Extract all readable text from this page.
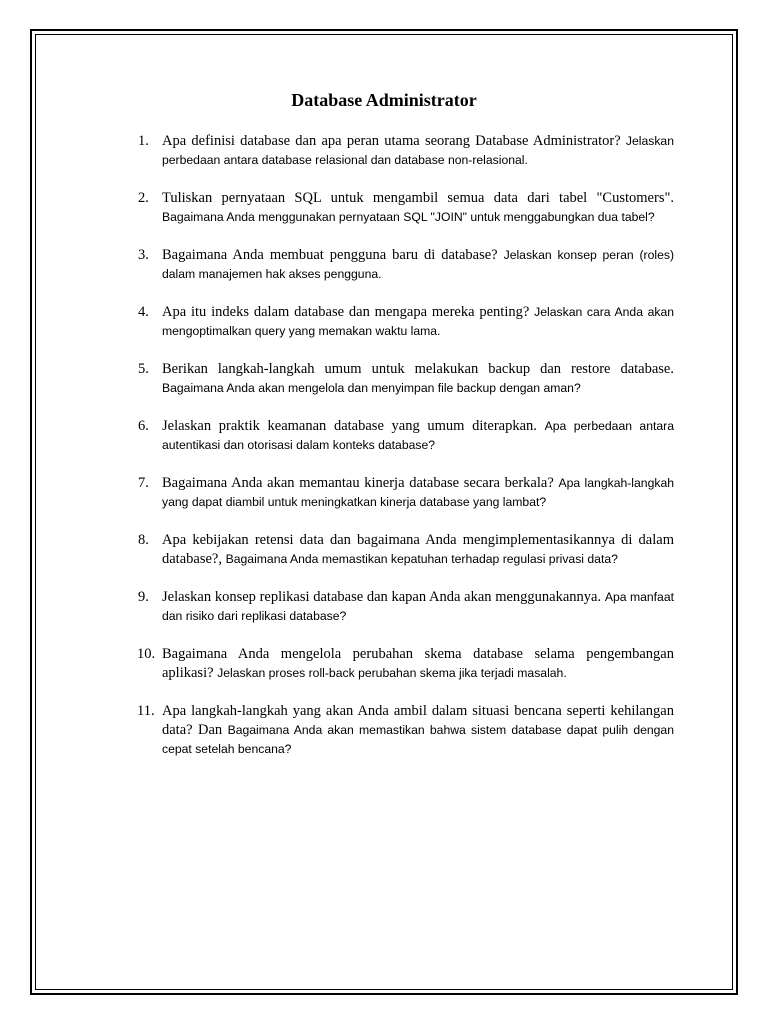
Database Administrator
1. Apa definisi database dan apa peran utama seorang Database Administrator? Jelaskan perbedaan antara database relasional dan database non-relasional.
2. Tuliskan pernyataan SQL untuk mengambil semua data dari tabel "Customers". Bagaimana Anda menggunakan pernyataan SQL "JOIN" untuk menggabungkan dua tabel?
3. Bagaimana Anda membuat pengguna baru di database? Jelaskan konsep peran (roles) dalam manajemen hak akses pengguna.
4. Apa itu indeks dalam database dan mengapa mereka penting? Jelaskan cara Anda akan mengoptimalkan query yang memakan waktu lama.
5. Berikan langkah-langkah umum untuk melakukan backup dan restore database. Bagaimana Anda akan mengelola dan menyimpan file backup dengan aman?
6. Jelaskan praktik keamanan database yang umum diterapkan. Apa perbedaan antara autentikasi dan otorisasi dalam konteks database?
7. Bagaimana Anda akan memantau kinerja database secara berkala? Apa langkah-langkah yang dapat diambil untuk meningkatkan kinerja database yang lambat?
8. Apa kebijakan retensi data dan bagaimana Anda mengimplementasikannya di dalam database?, Bagaimana Anda memastikan kepatuhan terhadap regulasi privasi data?
9. Jelaskan konsep replikasi database dan kapan Anda akan menggunakannya. Apa manfaat dan risiko dari replikasi database?
10. Bagaimana Anda mengelola perubahan skema database selama pengembangan aplikasi? Jelaskan proses roll-back perubahan skema jika terjadi masalah.
11. Apa langkah-langkah yang akan Anda ambil dalam situasi bencana seperti kehilangan data? Dan Bagaimana Anda akan memastikan bahwa sistem database dapat pulih dengan cepat setelah bencana?
